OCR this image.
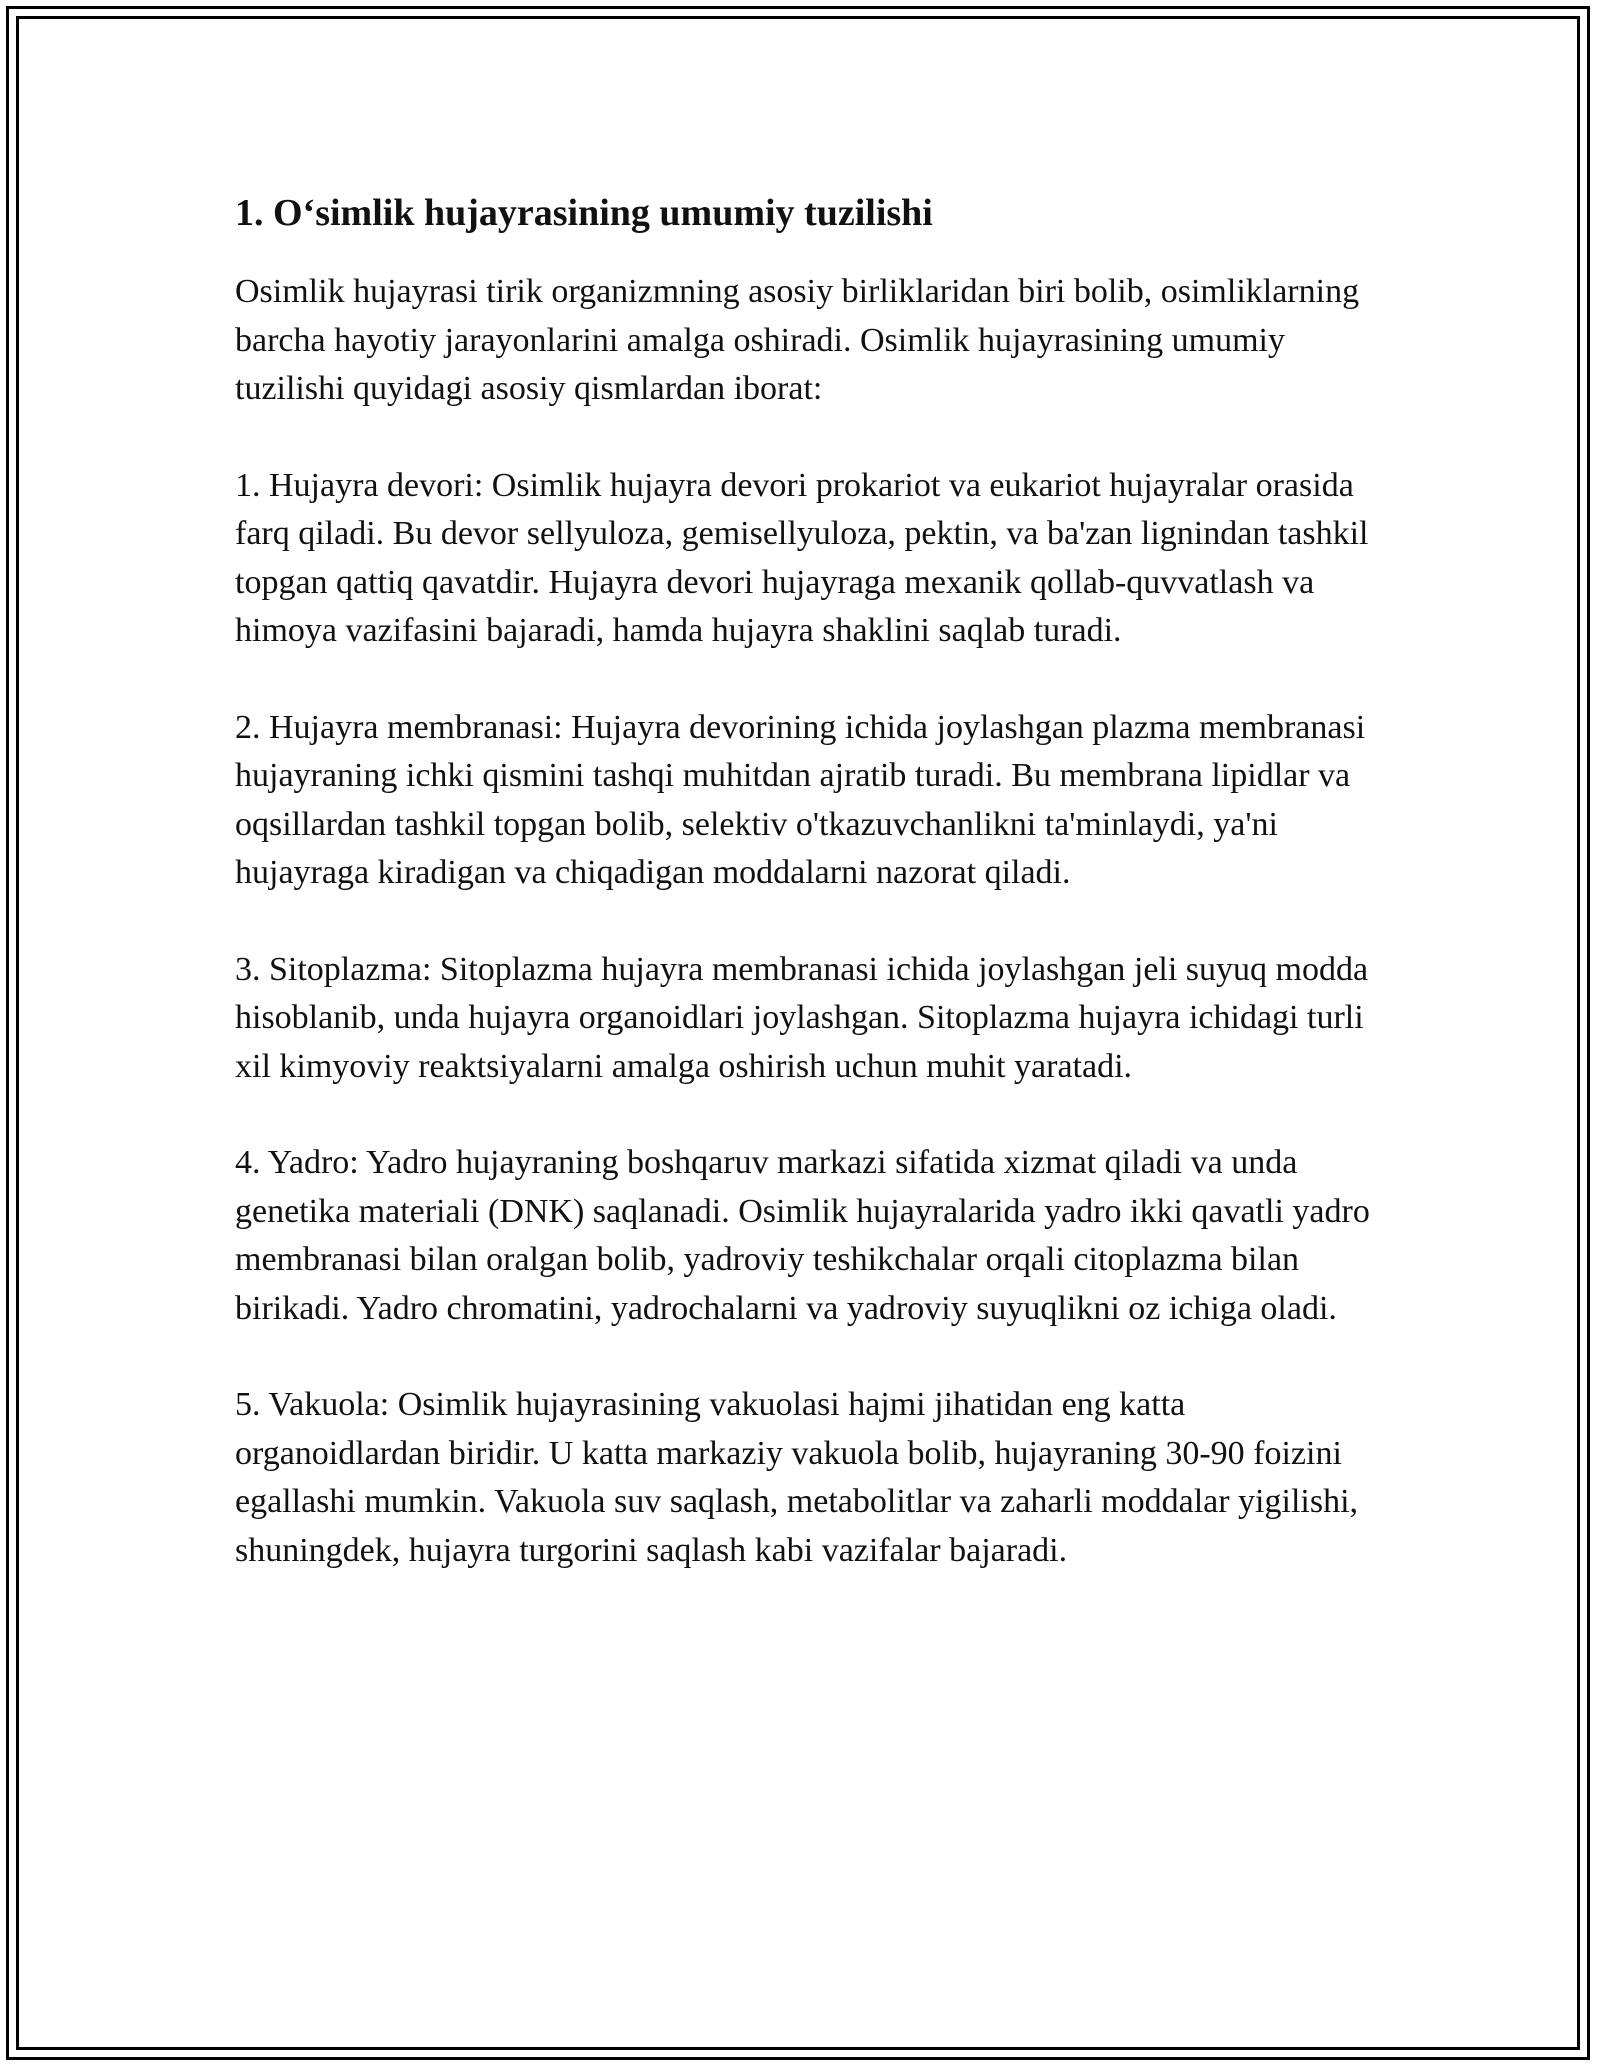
1. O‘simlik hujayrasining umumiy tuzilishi

Osimlik hujayrasi tirik organizmning asosiy birliklaridan biri bolib, osimliklarning barcha hayotiy jarayonlarini amalga oshiradi. Osimlik hujayrasining umumiy tuzilishi quyidagi asosiy qismlardan iborat:

1. Hujayra devori: Osimlik hujayra devori prokariot va eukariot hujayralar orasida farq qiladi. Bu devor sellyuloza, gemisellyuloza, pektin, va ba'zan lignindan tashkil topgan qattiq qavatdir. Hujayra devori hujayraga mexanik qollab-quvvatlash va himoya vazifasini bajaradi, hamda hujayra shaklini saqlab turadi.

2. Hujayra membranasi: Hujayra devorining ichida joylashgan plazma membranasi hujayraning ichki qismini tashqi muhitdan ajratib turadi. Bu membrana lipidlar va oqsillardan tashkil topgan bolib, selektiv o'tkazuvchanlikni ta'minlaydi, ya'ni hujayraga kiradigan va chiqadigan moddalarni nazorat qiladi.

3. Sitoplazma: Sitoplazma hujayra membranasi ichida joylashgan jeli suyuq modda hisoblanib, unda hujayra organoidlari joylashgan. Sitoplazma hujayra ichidagi turli xil kimyoviy reaktsiyalarni amalga oshirish uchun muhit yaratadi.

4. Yadro: Yadro hujayraning boshqaruv markazi sifatida xizmat qiladi va unda genetika materiali (DNK) saqlanadi. Osimlik hujayralarida yadro ikki qavatli yadro membranasi bilan oralgan bolib, yadroviy teshikchalar orqali citoplazma bilan birikadi. Yadro chromatini, yadrochalarni va yadroviy suyuqlikni oz ichiga oladi.

5. Vakuola: Osimlik hujayrasining vakuolasi hajmi jihatidan eng katta organoidlardan biridir. U katta markaziy vakuola bolib, hujayraning 30-90 foizini egallashi mumkin. Vakuola suv saqlash, metabolitlar va zaharli moddalar yigilishi, shuningdek, hujayra turgorini saqlash kabi vazifalar bajaradi.
